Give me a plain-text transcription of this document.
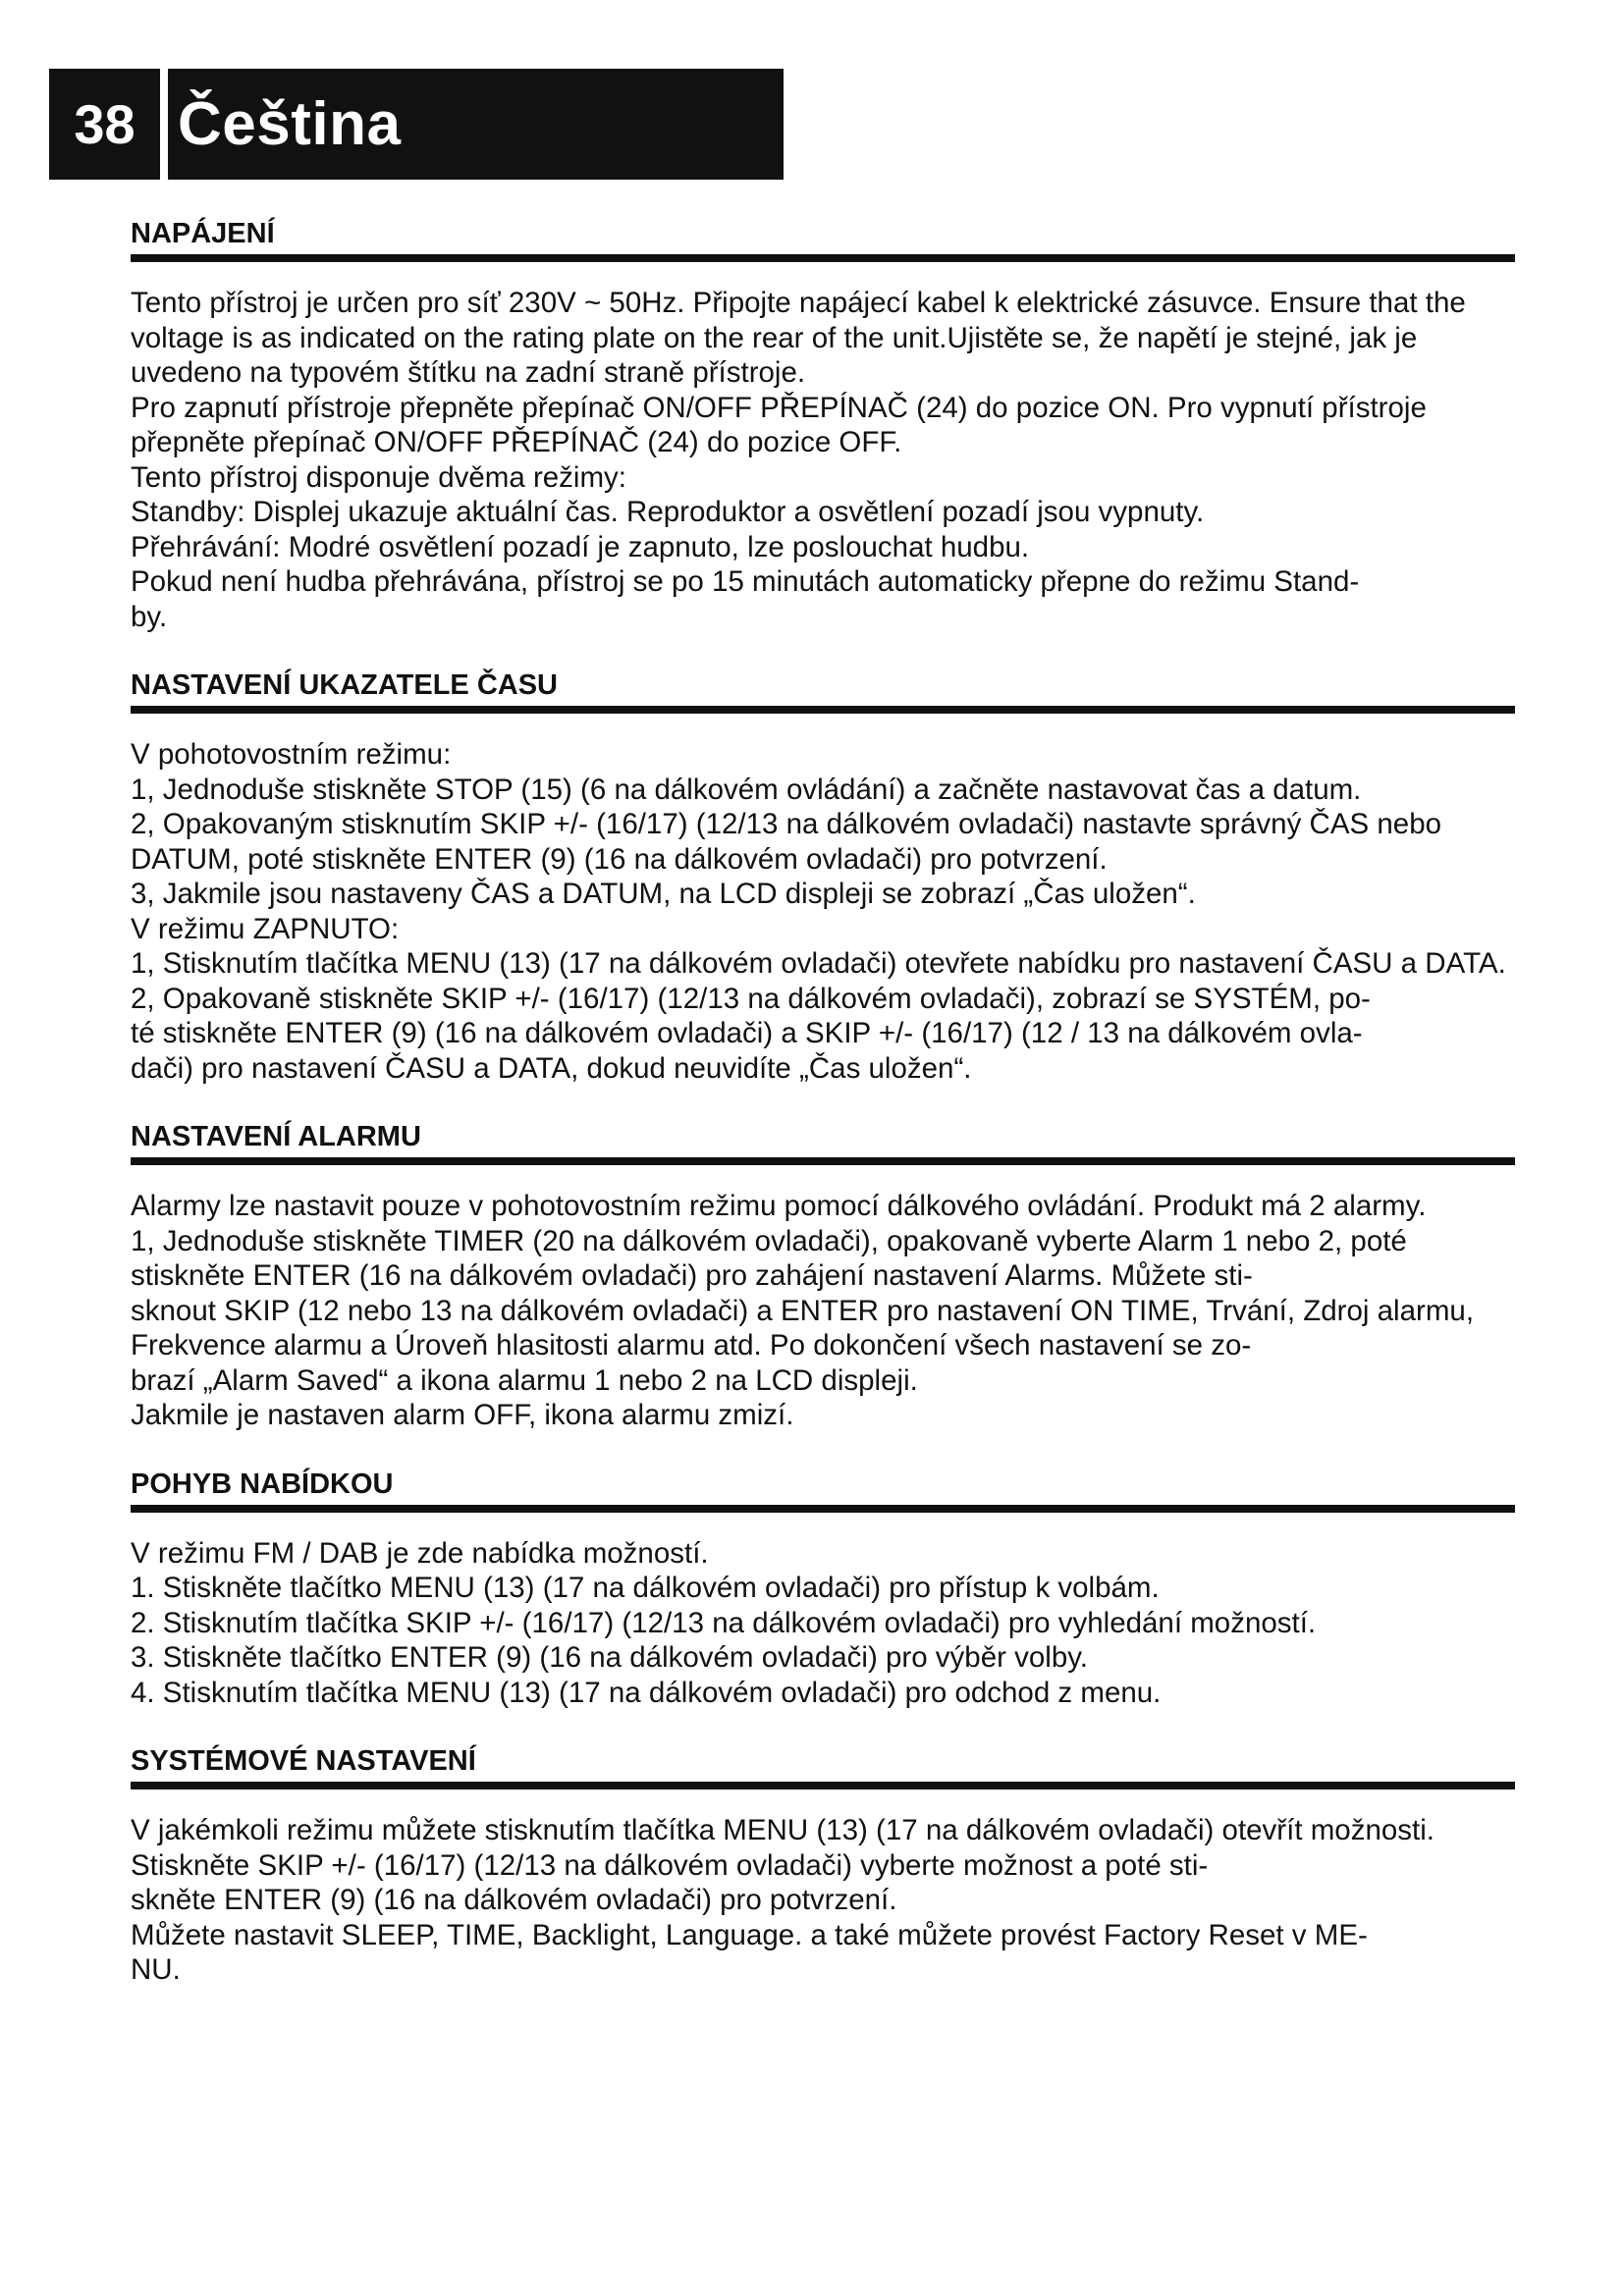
38 Čeština
NAPÁJENÍ

Tento přístroj je určen pro síť 230V ~ 50Hz. Připojte napájecí kabel k elektrické zásuvce. Ensure that the voltage is as indicated on the rating plate on the rear of the unit.Ujistěte se, že napětí je stejné, jak je uvedeno na typovém štítku na zadní straně přístroje.

Pro zapnutí přístroje přepněte přepínač ON/OFF PŘEPÍNAČ (24) do pozice ON. Pro vypnutí přístroje přepněte přepínač ON/OFF PŘEPÍNAČ (24) do pozice OFF.

Tento přístroj disponuje dvěma režimy:

Standby: Displej ukazuje aktuální čas. Reproduktor a osvětlení pozadí jsou vypnuty.

Přehrávání: Modré osvětlení pozadí je zapnuto, lze poslouchat hudbu.

Pokud není hudba přehrávána, přístroj se po 15 minutách automaticky přepne do režimu Stand-
by.

NASTAVENÍ UKAZATELE ČASU

V pohotovostním režimu:

1, Jednoduše stiskněte STOP (15) (6 na dálkovém ovládání) a začněte nastavovat čas a datum.

2, Opakovaným stisknutím SKIP +/- (16/17) (12/13 na dálkovém ovladači) nastavte správný ČAS nebo DATUM, poté stiskněte ENTER (9) (16 na dálkovém ovladači) pro potvrzení.

3, Jakmile jsou nastaveny ČAS a DATUM, na LCD displeji se zobrazí „Čas uložen“.

V režimu ZAPNUTO:

1, Stisknutím tlačítka MENU (13) (17 na dálkovém ovladači) otevřete nabídku pro nastavení ČASU a DATA.

2, Opakovaně stiskněte SKIP +/- (16/17) (12/13 na dálkovém ovladači), zobrazí se SYSTÉM, po-
té stiskněte ENTER (9) (16 na dálkovém ovladači) a SKIP +/- (16/17) (12 / 13 na dálkovém ovla-
dači) pro nastavení ČASU a DATA, dokud neuvidíte „Čas uložen“.

NASTAVENÍ ALARMU

Alarmy lze nastavit pouze v pohotovostním režimu pomocí dálkového ovládání. Produkt má 2 alarmy.

1, Jednoduše stiskněte TIMER (20 na dálkovém ovladači), opakovaně vyberte Alarm 1 nebo 2, poté stiskněte ENTER (16 na dálkovém ovladači) pro zahájení nastavení Alarms. Můžete sti-
sknout SKIP (12 nebo 13 na dálkovém ovladači) a ENTER pro nastavení ON TIME, Trvání, Zdroj alarmu, Frekvence alarmu a Úroveň hlasitosti alarmu atd. Po dokončení všech nastavení se zo-
brazí „Alarm Saved“ a ikona alarmu 1 nebo 2 na LCD displeji.

Jakmile je nastaven alarm OFF, ikona alarmu zmizí.

POHYB NABÍDKOU

V režimu FM / DAB je zde nabídka možností.

1. Stiskněte tlačítko MENU (13) (17 na dálkovém ovladači) pro přístup k volbám.

2. Stisknutím tlačítka SKIP +/- (16/17) (12/13 na dálkovém ovladači) pro vyhledání možností.

3. Stiskněte tlačítko ENTER (9) (16 na dálkovém ovladači) pro výběr volby.

4. Stisknutím tlačítka MENU (13) (17 na dálkovém ovladači) pro odchod z menu.

SYSTÉMOVÉ NASTAVENÍ

V jakémkoli režimu můžete stisknutím tlačítka MENU (13) (17 na dálkovém ovladači) otevřít možnosti. Stiskněte SKIP +/- (16/17) (12/13 na dálkovém ovladači) vyberte možnost a poté sti-
skněte ENTER (9) (16 na dálkovém ovladači) pro potvrzení.

Můžete nastavit SLEEP, TIME, Backlight, Language. a také můžete provést Factory Reset v ME-
NU.
